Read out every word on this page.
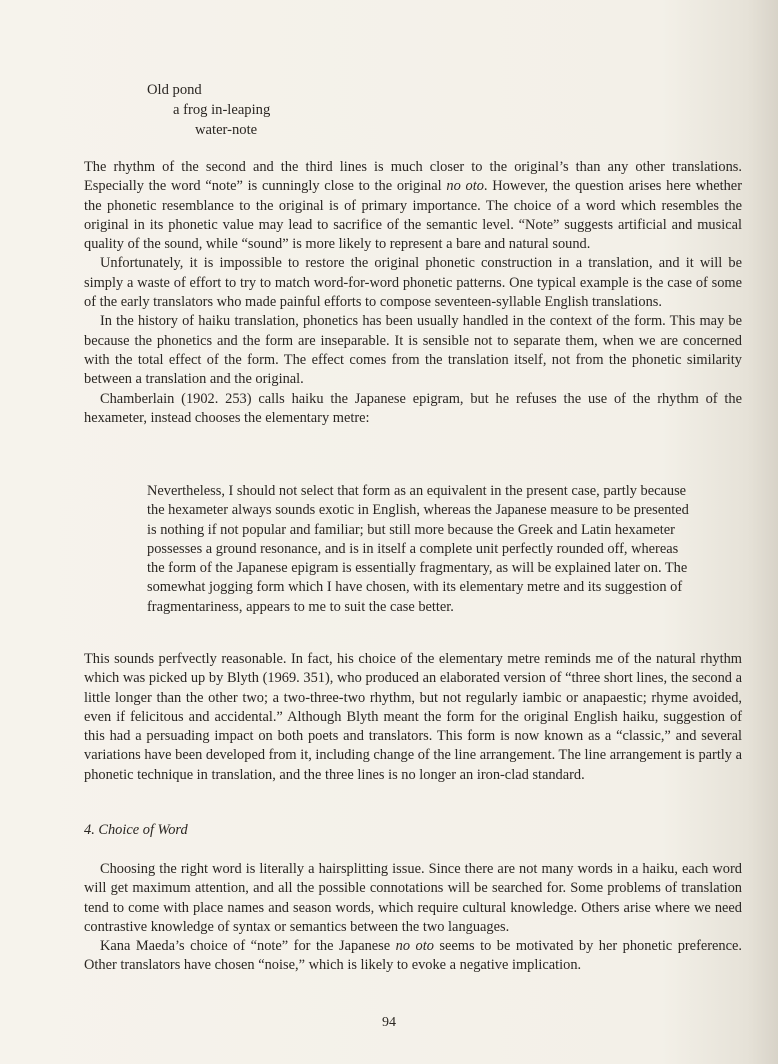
Old pond
a frog in-leaping
water-note

The rhythm of the second and the third lines is much closer to the original’s than any other translations. Especially the word “note” is cunningly close to the original no oto. However, the question arises here whether the phonetic resemblance to the original is of primary importance. The choice of a word which resembles the original in its phonetic value may lead to sacrifice of the semantic level. “Note” suggests artificial and musical quality of the sound, while “sound” is more likely to represent a bare and natural sound.

Unfortunately, it is impossible to restore the original phonetic construction in a translation, and it will be simply a waste of effort to try to match word-for-word phonetic patterns. One typical example is the case of some of the early translators who made painful efforts to compose seventeen-syllable English translations.

In the history of haiku translation, phonetics has been usually handled in the context of the form. This may be because the phonetics and the form are inseparable. It is sensible not to separate them, when we are concerned with the total effect of the form. The effect comes from the translation itself, not from the phonetic similarity between a translation and the original.

Chamberlain (1902. 253) calls haiku the Japanese epigram, but he refuses the use of the rhythm of the hexameter, instead chooses the elementary metre:

Nevertheless, I should not select that form as an equivalent in the present case, partly because the hexameter always sounds exotic in English, whereas the Japanese measure to be presented is nothing if not popular and familiar; but still more because the Greek and Latin hexameter possesses a ground resonance, and is in itself a complete unit perfectly rounded off, whereas the form of the Japanese epigram is essentially fragmentary, as will be explained later on. The somewhat jogging form which I have chosen, with its elementary metre and its suggestion of fragmentariness, appears to me to suit the case better.

This sounds perfvectly reasonable. In fact, his choice of the elementary metre reminds me of the natural rhythm which was picked up by Blyth (1969. 351), who produced an elaborated version of “three short lines, the second a little longer than the other two; a two-three-two rhythm, but not regularly iambic or anapaestic; rhyme avoided, even if felicitous and accidental.” Although Blyth meant the form for the original English haiku, suggestion of this had a persuading impact on both poets and translators. This form is now known as a “classic,” and several variations have been developed from it, including change of the line arrangement. The line arrangement is partly a phonetic technique in translation, and the three lines is no longer an iron-clad standard.

4. Choice of Word

Choosing the right word is literally a hairsplitting issue. Since there are not many words in a haiku, each word will get maximum attention, and all the possible connotations will be searched for. Some problems of translation tend to come with place names and season words, which require cultural knowledge. Others arise where we need contrastive knowledge of syntax or semantics between the two languages.

Kana Maeda’s choice of “note” for the Japanese no oto seems to be motivated by her phonetic preference. Other translators have chosen “noise,” which is likely to evoke a negative implication.

94
